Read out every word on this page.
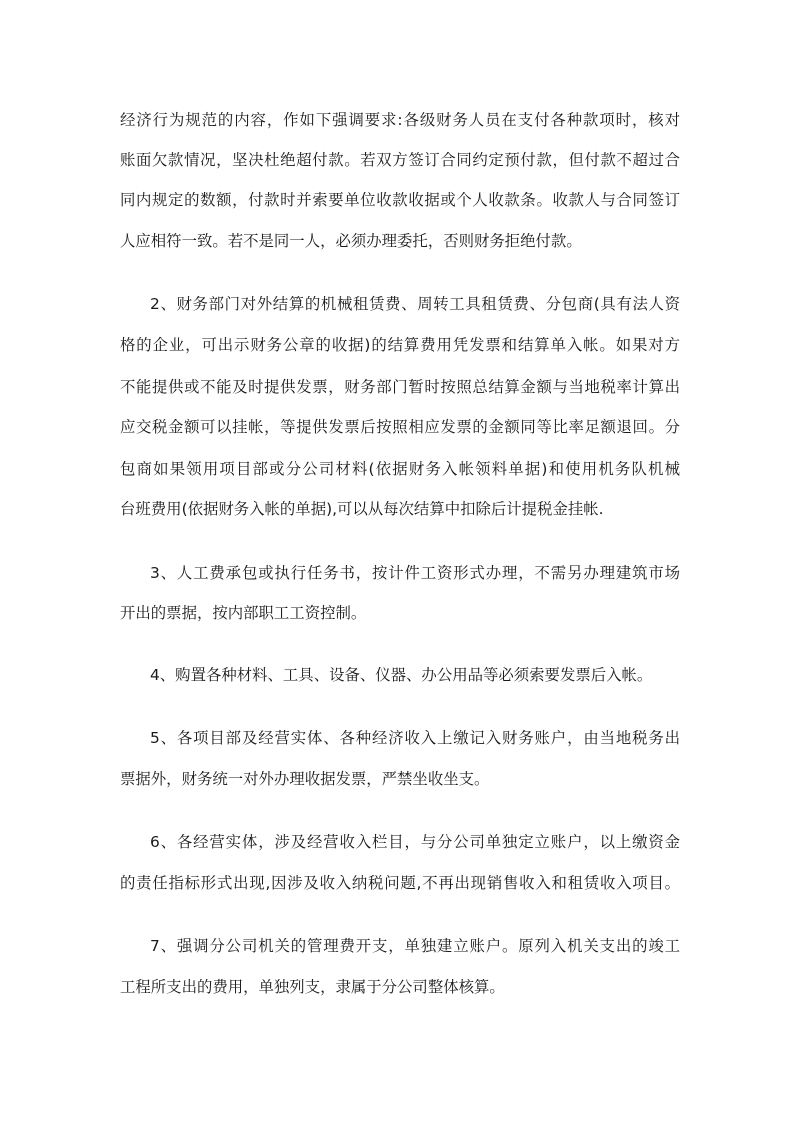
经济行为规范的内容，作如下强调要求:各级财务人员在支付各种款项时，核对
账面欠款情况，坚决杜绝超付款。若双方签订合同约定预付款，但付款不超过合
同内规定的数额，付款时并索要单位收款收据或个人收款条。收款人与合同签订
人应相符一致。若不是同一人，必须办理委托，否则财务拒绝付款。
2、财务部门对外结算的机械租赁费、周转工具租赁费、分包商(具有法人资
格的企业，可出示财务公章的收据)的结算费用凭发票和结算单入帐。如果对方
不能提供或不能及时提供发票，财务部门暂时按照总结算金额与当地税率计算出
应交税金额可以挂帐，等提供发票后按照相应发票的金额同等比率足额退回。分
包商如果领用项目部或分公司材料(依据财务入帐领料单据)和使用机务队机械
台班费用(依据财务入帐的单据),可以从每次结算中扣除后计提税金挂帐.
3、人工费承包或执行任务书，按计件工资形式办理，不需另办理建筑市场
开出的票据，按内部职工工资控制。
4、购置各种材料、工具、设备、仪器、办公用品等必须索要发票后入帐。
5、各项目部及经营实体、各种经济收入上缴记入财务账户，由当地税务出
票据外，财务统一对外办理收据发票，严禁坐收坐支。
6、各经营实体，涉及经营收入栏目，与分公司单独定立账户，以上缴资金
的责任指标形式出现,因涉及收入纳税问题,不再出现销售收入和租赁收入项目。
7、强调分公司机关的管理费开支，单独建立账户。原列入机关支出的竣工
工程所支出的费用，单独列支，隶属于分公司整体核算。
